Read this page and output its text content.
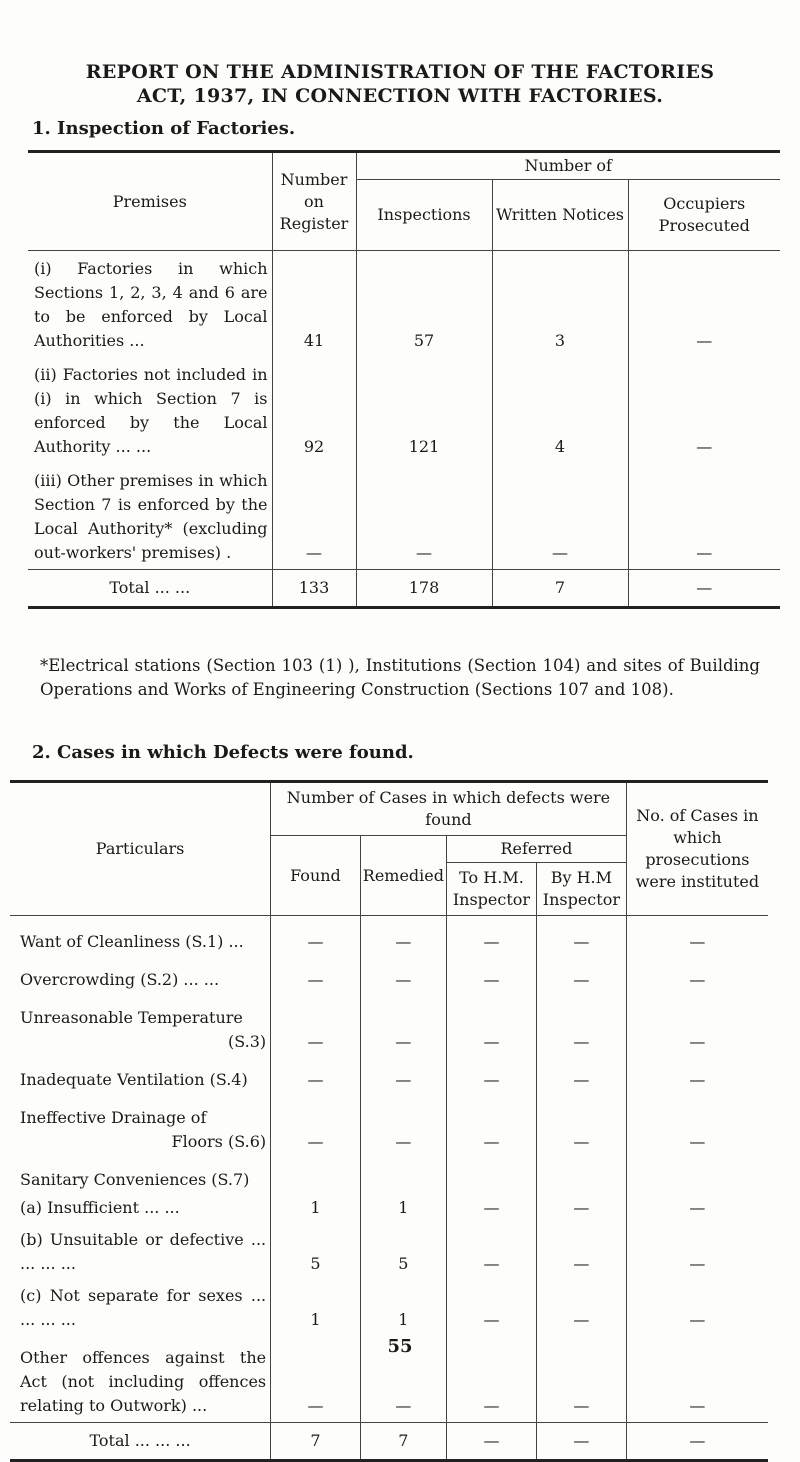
REPORT ON THE ADMINISTRATION OF THE FACTORIES
ACT, 1937, IN CONNECTION WITH FACTORIES.
1. Inspection of Factories.
Premises	Number on Register	Number of		
		Inspections	Written Notices	Occupiers Prosecuted

(i) Factories in which Sections 1, 2, 3, 4 and 6 are to be enforced by Local Authorities ...	41	57	3	—

(ii) Factories not included in (i) in which Section 7 is enforced by the Local Authority ... ...	92	121	4	—

(iii) Other premises in which Section 7 is enforced by the Local Authority* (excluding out-workers' premises) .	—	—	—	—
Total ... ...	133	178	7	—
*Electrical stations (Section 103 (1) ), Institutions (Section 104) and sites of Building Operations and Works of Engineering Construction (Sections 107 and 108).
2. Cases in which Defects were found.
Particulars	Number of Cases in which defects were found				No. of Cases in which prosecutions were instituted
	Found	Remedied	Referred		
			To H.M. Inspector	By H.M Inspector	
Want of Cleanliness (S.1) ...	—	—	—	—	—
Overcrowding (S.2) ... ...	—	—	—	—	—

Unreasonable Temperature
(S.3)	—	—	—	—	—
Inadequate Ventilation (S.4)	—	—	—	—	—

Ineffective Drainage of
Floors (S.6)	—	—	—	—	—
Sanitary Conveniences (S.7)					
(a) Insufficient ... ...	1	1	—	—	—

(b) Unsuitable or defective ... ... ... ...	5	5	—	—	—

(c) Not separate for sexes ... ... ... ...	1	1	—	—	—

Other offences against the Act (not including offences relating to Outwork) ...	—	—	—	—	—
Total ... ... ...	7	7	—	—	—
55
